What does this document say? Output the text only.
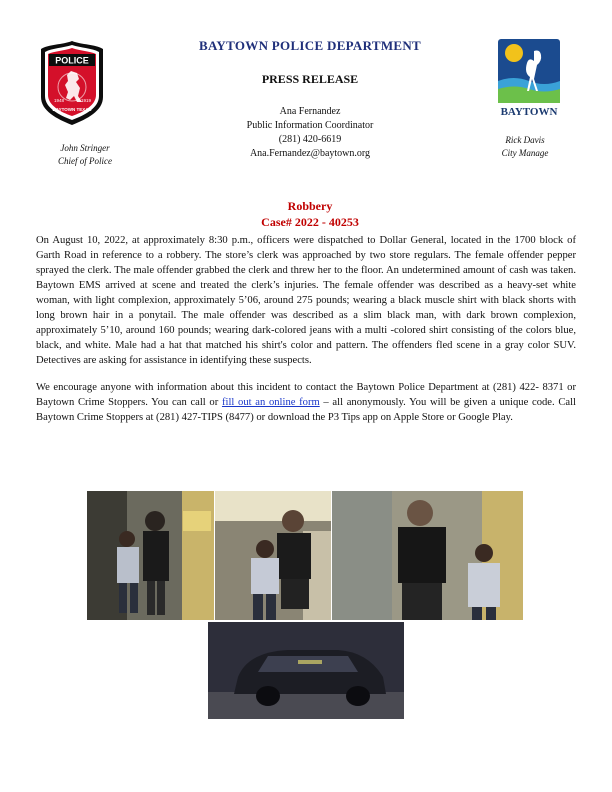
POLICE
1948	1919
BAYTOWN TEXAS	BAYTOWN
BAYTOWN POLICE DEPARTMENT
PRESS RELEASE
Ana Fernandez
Public Information Coordinator
(281) 420-6619
Ana.Fernandez@baytown.org
John Stringer
Chief of Police
Rick Davis
City Manage
Robbery
Case# 2022 - 40253

On August 10, 2022, at approximately 8:30 p.m., officers were dispatched to Dollar General, located in the 1700 block of Garth Road in reference to a robbery. The store’s clerk was approached by two store regulars. The female offender pepper sprayed the clerk. The male offender grabbed the clerk and threw her to the floor. An undetermined amount of cash was taken. Baytown EMS arrived at scene and treated the clerk’s injuries. The female offender was described as a heavy-set white woman, with light complexion, approximately 5’06, around 275 pounds; wearing a black muscle shirt with black shorts with long brown hair in a ponytail. The male offender was described as a slim black man, with dark brown complexion, approximately 5’10, around 160 pounds; wearing dark-colored jeans with a multi -colored shirt consisting of the colors blue, black, and white. Male had a hat that matched his shirt's color and pattern. The offenders fled scene in a gray color SUV. Detectives are asking for assistance in identifying these suspects.

We encourage anyone with information about this incident to contact the Baytown Police Department at (281) 422- 8371 or Baytown Crime Stoppers. You can call or fill out an online form – all anonymously. You will be given a unique code. Call Baytown Crime Stoppers at (281) 427-TIPS (8477) or download the P3 Tips app on Apple Store or Google Play.
